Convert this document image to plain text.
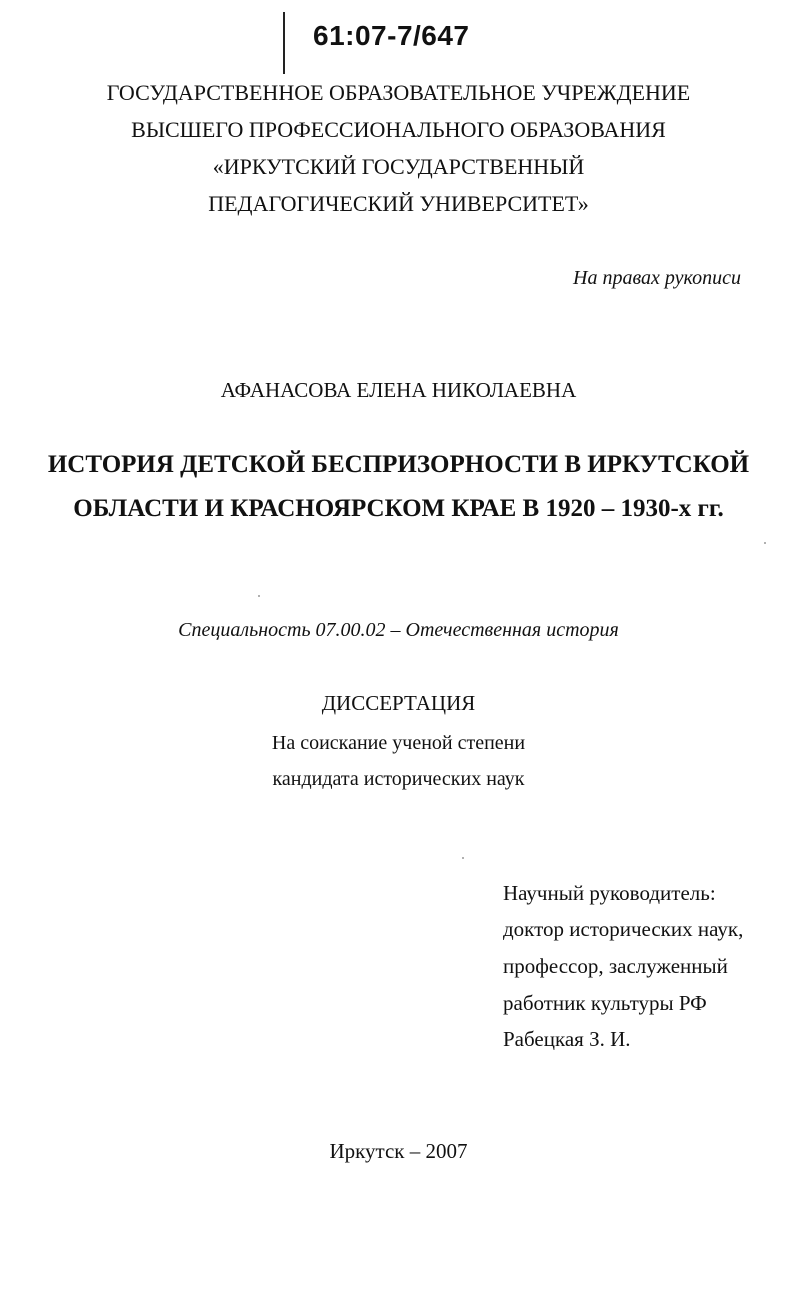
61:07-7/647
ГОСУДАРСТВЕННОЕ ОБРАЗОВАТЕЛЬНОЕ УЧРЕЖДЕНИЕ
ВЫСШЕГО ПРОФЕССИОНАЛЬНОГО ОБРАЗОВАНИЯ
«ИРКУТСКИЙ ГОСУДАРСТВЕННЫЙ
ПЕДАГОГИЧЕСКИЙ УНИВЕРСИТЕТ»
На правах рукописи
АФАНАСОВА ЕЛЕНА НИКОЛАЕВНА
ИСТОРИЯ ДЕТСКОЙ БЕСПРИЗОРНОСТИ В ИРКУТСКОЙ
ОБЛАСТИ И КРАСНОЯРСКОМ КРАЕ В 1920 – 1930-х гг.
Специальность 07.00.02 – Отечественная история
ДИССЕРТАЦИЯ
На соискание ученой степени
кандидата исторических наук
Научный руководитель:
доктор исторических наук,
профессор, заслуженный
работник культуры РФ
Рабецкая З. И.
Иркутск – 2007
